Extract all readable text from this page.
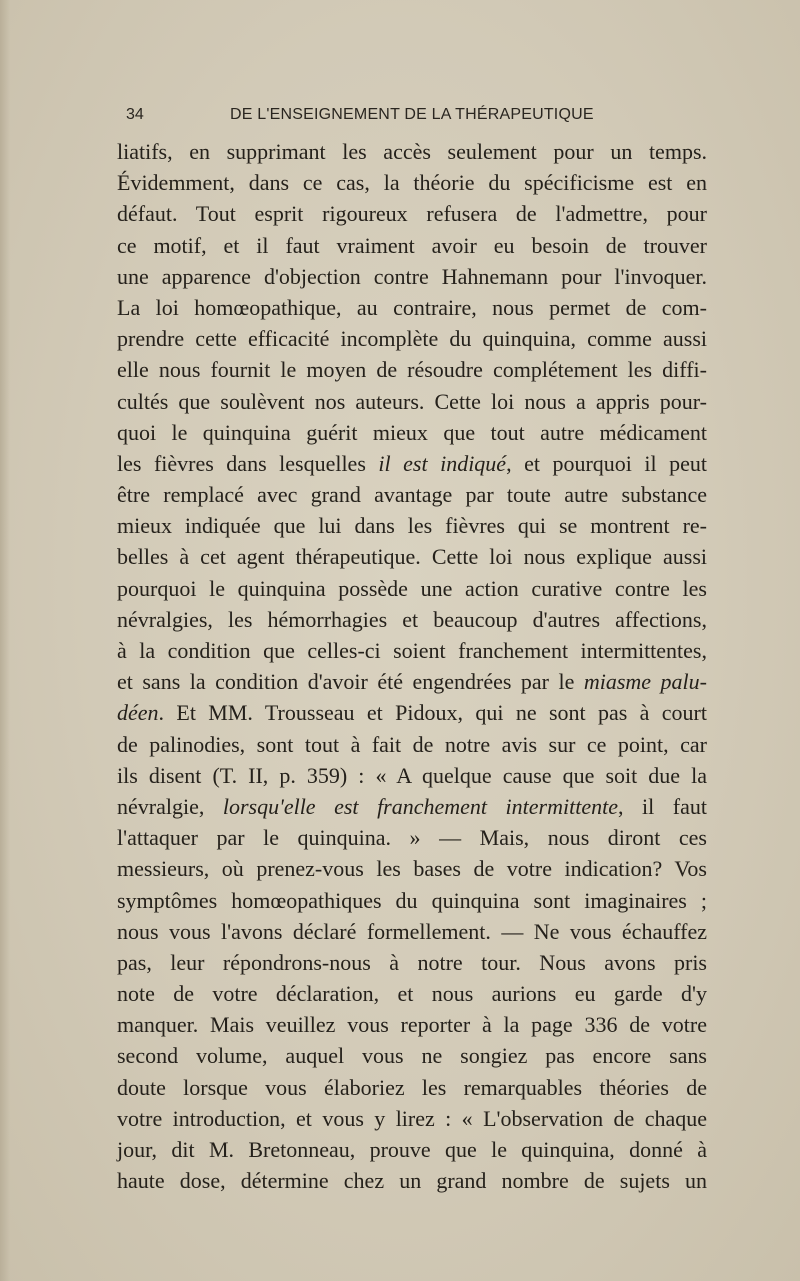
34	DE L'ENSEIGNEMENT DE LA THÉRAPEUTIQUE
liatifs, en supprimant les accès seulement pour un temps.
Évidemment, dans ce cas, la théorie du spécificisme est en
défaut. Tout esprit rigoureux refusera de l'admettre, pour
ce motif, et il faut vraiment avoir eu besoin de trouver
une apparence d'objection contre Hahnemann pour l'invoquer.
La loi homœopathique, au contraire, nous permet de com-
prendre cette efficacité incomplète du quinquina, comme aussi
elle nous fournit le moyen de résoudre complétement les diffi-
cultés que soulèvent nos auteurs. Cette loi nous a appris pour-
quoi le quinquina guérit mieux que tout autre médicament
les fièvres dans lesquelles il est indiqué, et pourquoi il peut
être remplacé avec grand avantage par toute autre substance
mieux indiquée que lui dans les fièvres qui se montrent re-
belles à cet agent thérapeutique. Cette loi nous explique aussi
pourquoi le quinquina possède une action curative contre les
névralgies, les hémorrhagies et beaucoup d'autres affections,
à la condition que celles-ci soient franchement intermittentes,
et sans la condition d'avoir été engendrées par le miasme palu-
déen. Et MM. Trousseau et Pidoux, qui ne sont pas à court
de palinodies, sont tout à fait de notre avis sur ce point, car
ils disent (T. II, p. 359) : « A quelque cause que soit due la
névralgie, lorsqu'elle est franchement intermittente, il faut
l'attaquer par le quinquina. » — Mais, nous diront ces
messieurs, où prenez-vous les bases de votre indication? Vos
symptômes homœopathiques du quinquina sont imaginaires ;
nous vous l'avons déclaré formellement. — Ne vous échauffez
pas, leur répondrons-nous à notre tour. Nous avons pris
note de votre déclaration, et nous aurions eu garde d'y
manquer. Mais veuillez vous reporter à la page 336 de votre
second volume, auquel vous ne songiez pas encore sans
doute lorsque vous élaboriez les remarquables théories de
votre introduction, et vous y lirez : « L'observation de chaque
jour, dit M. Bretonneau, prouve que le quinquina, donné à
haute dose, détermine chez un grand nombre de sujets un
